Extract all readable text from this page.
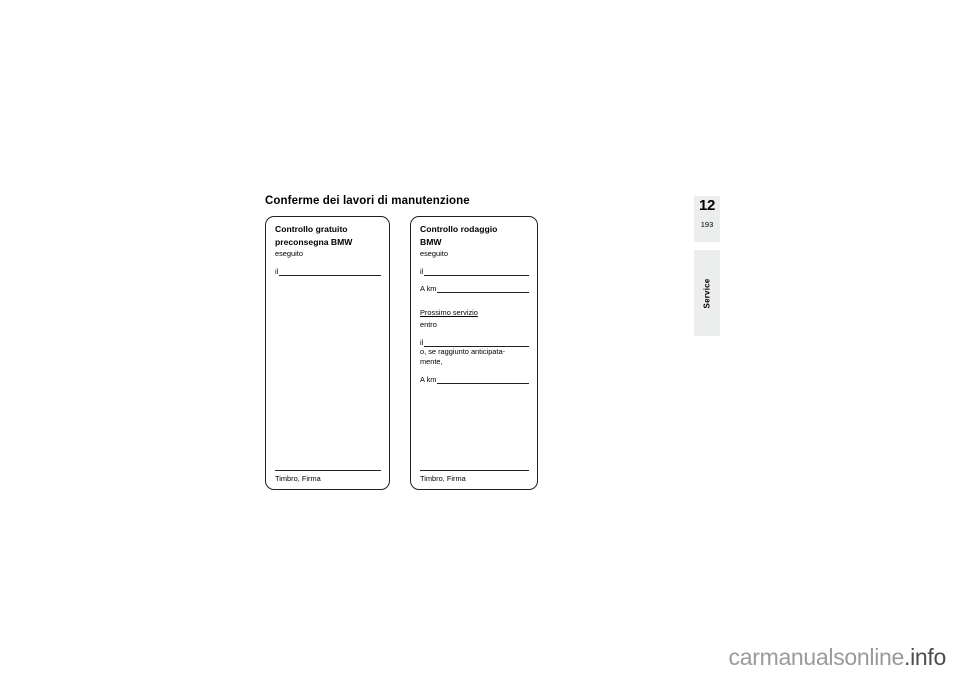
Conferme dei lavori di manutenzione
Controllo gratuito
preconsegna BMW
eseguito
il
Timbro, Firma
Controllo rodaggio
BMW
eseguito
il
A km
Prossimo servizio
entro
il
o, se raggiunto anticipata-
mente,
A km
Timbro, Firma
12
193
Service
carmanualsonline.info
